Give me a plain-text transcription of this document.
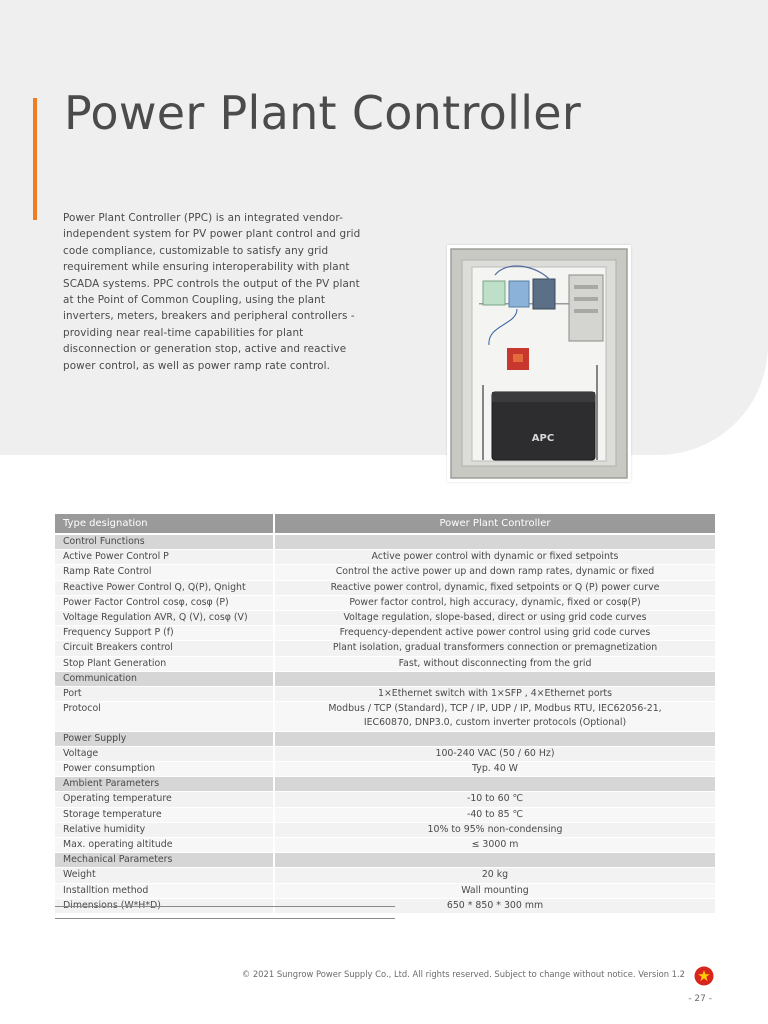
Power Plant Controller

Power Plant Controller (PPC) is an integrated vendor-independent system for PV power plant control and grid code compliance, customizable to satisfy any grid requirement while ensuring interoperability with plant SCADA systems. PPC controls the output of the PV plant at the Point of Common Coupling, using the plant inverters, meters, breakers and peripheral controllers - providing near real-time capabilities for plant disconnection or generation stop, active and reactive power control, as well as power ramp rate control.

APC
Type designation	Power Plant Controller
Control Functions	
Active Power Control P	Active power control with dynamic or fixed setpoints
Ramp Rate Control	Control the active power up and down ramp rates, dynamic or fixed
Reactive Power Control Q, Q(P), Qnight	Reactive power control, dynamic, fixed setpoints or Q (P) power curve
Power Factor Control cosφ, cosφ (P)	Power factor control, high accuracy, dynamic, fixed or cosφ(P)
Voltage Regulation AVR, Q (V), cosφ (V)	Voltage regulation, slope-based, direct or using grid code curves
Frequency Support P (f)	Frequency-dependent active power control using grid code curves
Circuit Breakers control	Plant isolation, gradual transformers connection or premagnetization
Stop Plant Generation	Fast, without disconnecting from the grid
Communication	
Port	1×Ethernet switch with 1×SFP , 4×Ethernet ports
Protocol	Modbus / TCP (Standard), TCP / IP, UDP / IP, Modbus RTU, IEC62056-21,
IEC60870, DNP3.0, custom inverter protocols (Optional)
Power Supply	
Voltage	100-240 VAC (50 / 60 Hz)
Power consumption	Typ. 40 W
Ambient Parameters	
Operating temperature	-10 to 60 ℃
Storage temperature	-40 to 85 ℃
Relative humidity	10% to 95% non-condensing
Max. operating altitude	≤ 3000 m
Mechanical Parameters	
Weight	20 kg
Installtion method	Wall mounting
Dimensions (W*H*D)	650 * 850 * 300 mm
© 2021 Sungrow Power Supply Co., Ltd. All rights reserved. Subject to change without notice. Version 1.2
- 27 -
